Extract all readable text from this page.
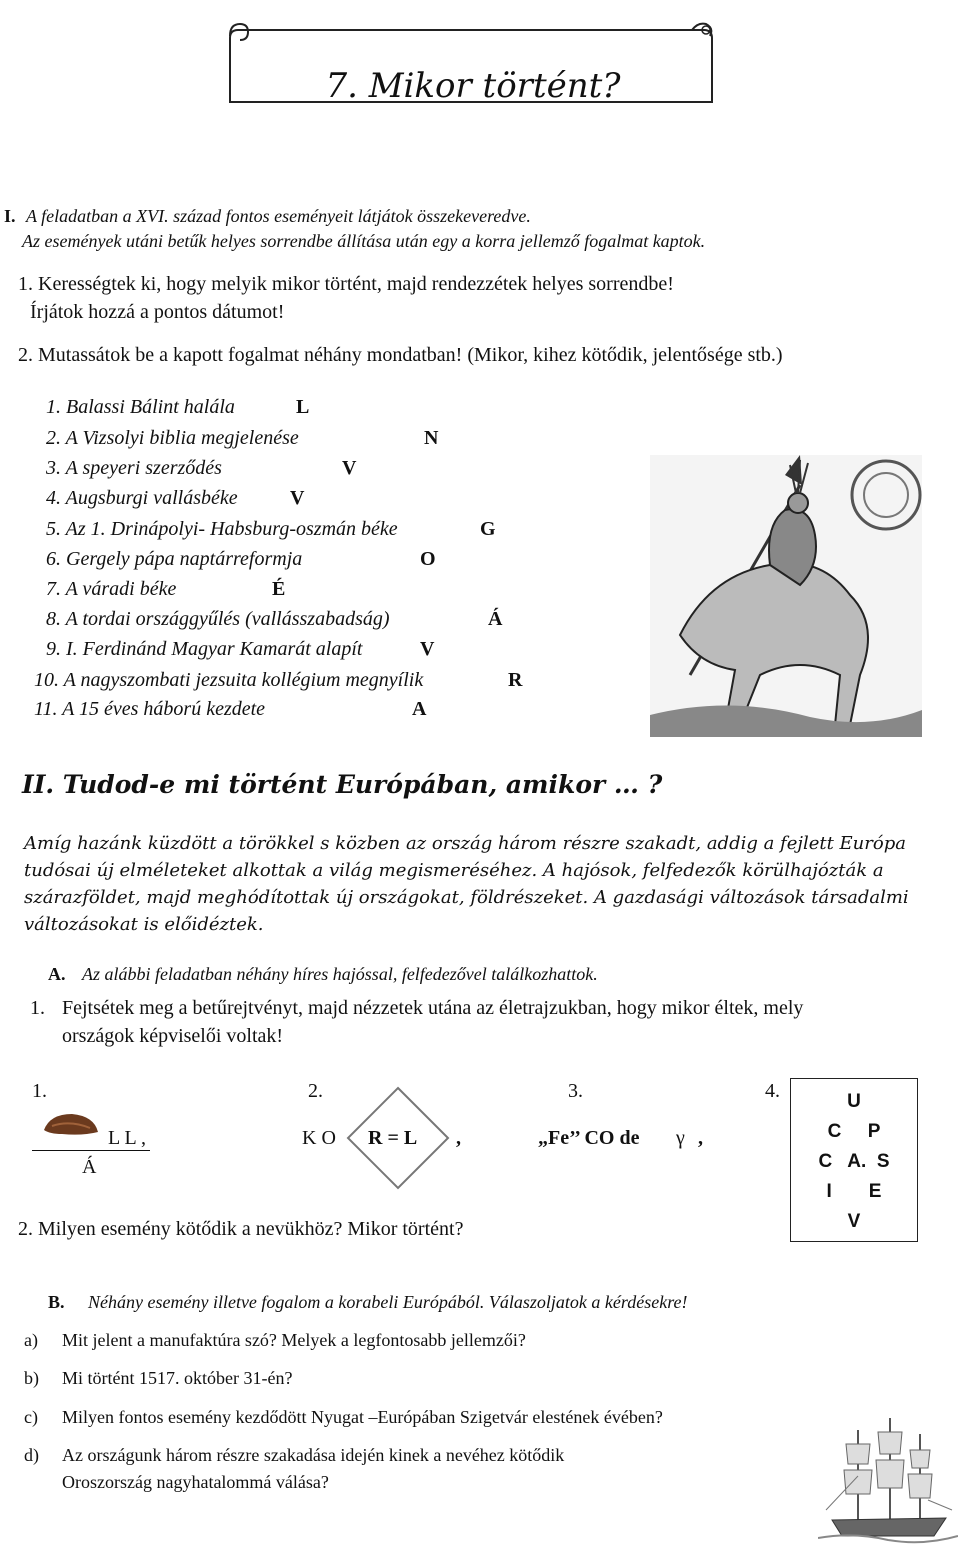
7. Mikor történt?
I. A feladatban a XVI. század fontos eseményeit látjátok összekeveredve.
Az események utáni betűk helyes sorrendbe állítása után egy a korra jellemző fogalmat kaptok.
1. Kerességtek ki, hogy melyik mikor történt, majd rendezzétek helyes sorrendbe!
Írjátok hozzá a pontos dátumot!
2. Mutassátok be a kapott fogalmat néhány mondatban! (Mikor, kihez kötődik, jelentősége stb.)
1. Balassi Bálint halála	L
2. A Vizsolyi biblia megjelenése	N
3. A speyeri szerződés	V
4. Augsburgi vallásbéke	V
5. Az 1. Drinápolyi- Habsburg-oszmán béke	G
6. Gergely pápa naptárreformja	O
7. A váradi béke	É
8. A tordai országgyűlés (vallásszabadság)	Á
9. I. Ferdinánd Magyar Kamarát alapít	V
10. A nagyszombati jezsuita kollégium megnyílik	R
11. A 15 éves háború kezdete	A
II. Tudod-e mi történt Európában, amikor … ?
Amíg hazánk küzdött a törökkel s közben az ország három részre szakadt, addig a fejlett Európa tudósai új elméleteket alkottak a világ megismeréséhez. A hajósok, felfedezők körülhajózták a szárazföldet, majd meghódítottak új országokat, földrészeket. A gazdasági változások társadalmi változásokat is előidéztek.
A. Az alábbi feladatban néhány híres hajóssal, felfedezővel találkozhattok.
1. Fejtsétek meg a betűrejtvényt, majd nézzetek utána az életrajzukban, hogy mikor éltek, mely
országok képviselői voltak!
1.	2.	3.	4.
L L ,
Á
K O R = L ,	„Fe’’ CO de γ ,
U
C     P
C   A.  S
I       E
V
2. Milyen esemény kötődik a nevükhöz? Mikor történt?
B. Néhány esemény illetve fogalom a korabeli Európából. Válaszoljatok a kérdésekre!
a) Mit jelent a manufaktúra szó? Melyek a legfontosabb jellemzői?
b) Mi történt 1517. október 31-én?
c) Milyen fontos esemény kezdődött Nyugat –Európában Szigetvár elestének évében?
d) Az országunk három részre szakadása idején kinek a nevéhez kötődik
Oroszország nagyhatalommá válása?
